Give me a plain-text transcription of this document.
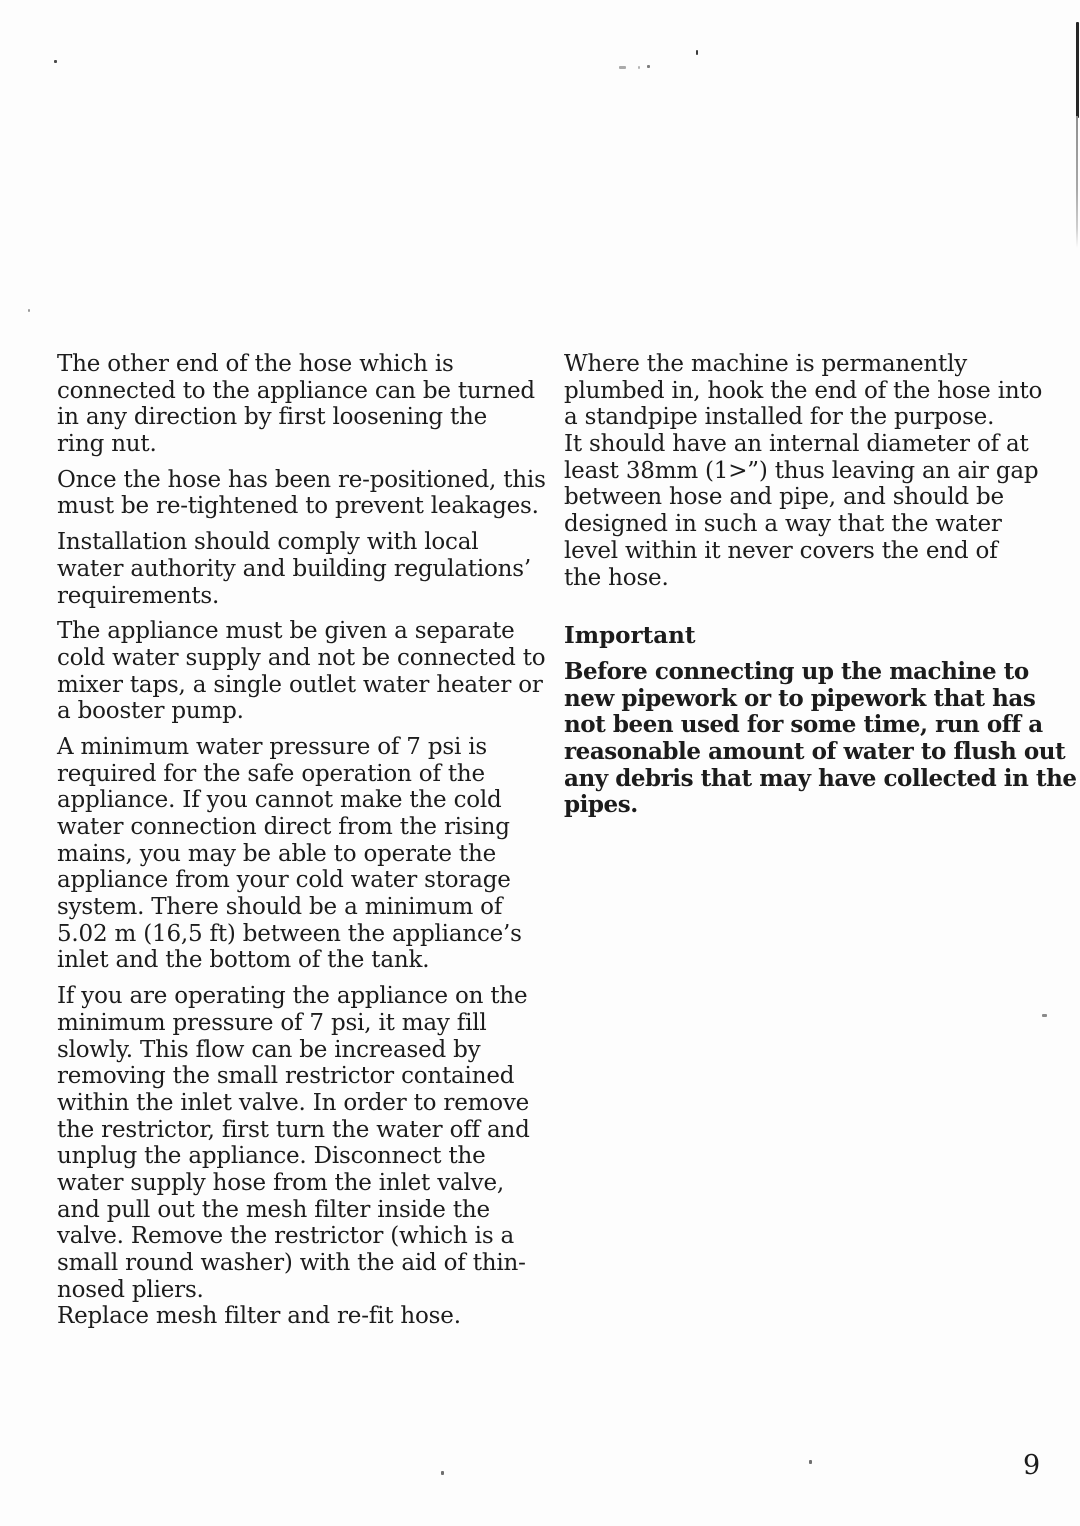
The other end of the hose which is
connected to the appliance can be turned
in any direction by first loosening the
ring nut.
Once the hose has been re-positioned, this
must be re-tightened to prevent leakages.
Installation should comply with local
water authority and building regulations’
requirements.
The appliance must be given a separate
cold water supply and not be connected to
mixer taps, a single outlet water heater or
a booster pump.
A minimum water pressure of 7 psi is
required for the safe operation of the
appliance. If you cannot make the cold
water connection direct from the rising
mains, you may be able to operate the
appliance from your cold water storage
system. There should be a minimum of
5.02 m (16,5 ft) between the appliance’s
inlet and the bottom of the tank.
If you are operating the appliance on the
minimum pressure of 7 psi, it may fill
slowly. This flow can be increased by
removing the small restrictor contained
within the inlet valve. In order to remove
the restrictor, first turn the water off and
unplug the appliance. Disconnect the
water supply hose from the inlet valve,
and pull out the mesh filter inside the
valve. Remove the restrictor (which is a
small round washer) with the aid of thin-
nosed pliers.
Replace mesh filter and re-fit hose.
Where the machine is permanently
plumbed in, hook the end of the hose into
a standpipe installed for the purpose.
It should have an internal diameter of at
least 38mm (1>”) thus leaving an air gap
between hose and pipe, and should be
designed in such a way that the water
level within it never covers the end of
the hose.
Important
Before connecting up the machine to
new pipework or to pipework that has
not been used for some time, run off a
reasonable amount of water to flush out
any debris that may have collected in the
pipes.
9
